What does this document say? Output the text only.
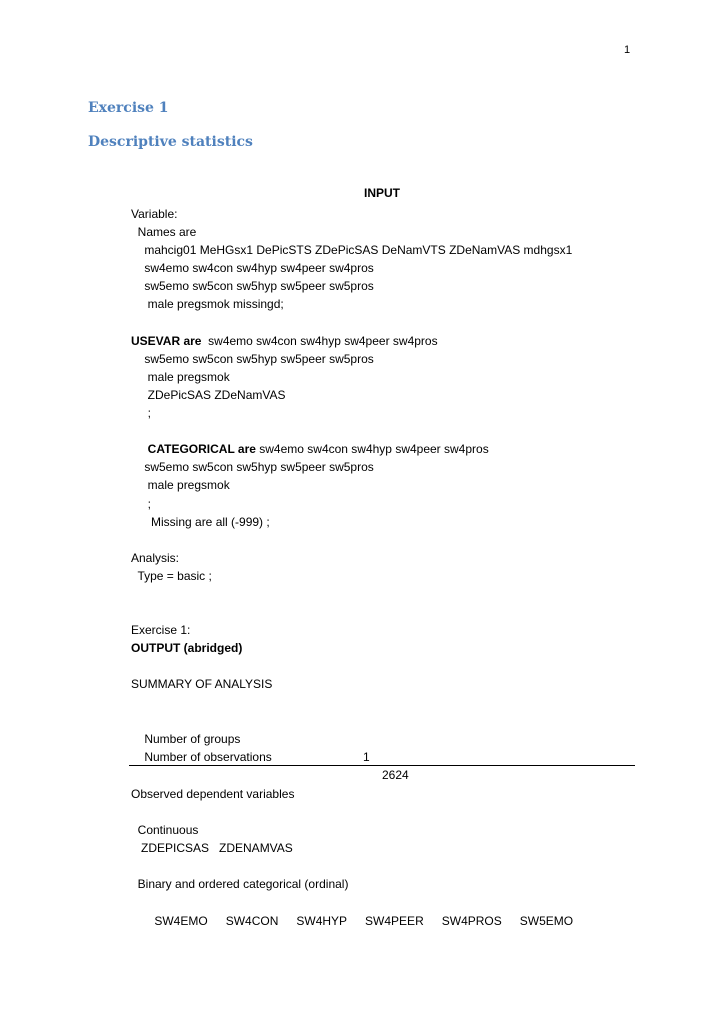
1
Exercise 1
Descriptive statistics
INPUT
Variable:
Names are
mahcig01 MeHGsx1 DePicSTS ZDePicSAS DeNamVTS ZDeNamVAS mdhgsx1
sw4emo sw4con sw4hyp sw4peer sw4pros
sw5emo sw5con sw5hyp sw5peer sw5pros
male pregsmok missingd;
USEVAR are  sw4emo sw4con sw4hyp sw4peer sw4pros
sw5emo sw5con sw5hyp sw5peer sw5pros
male pregsmok
ZDePicSAS ZDeNamVAS
;
CATEGORICAL are sw4emo sw4con sw4hyp sw4peer sw4pros
sw5emo sw5con sw5hyp sw5peer sw5pros
male pregsmok
;
Missing are all (-999) ;
Analysis:
Type = basic ;
Exercise 1:
OUTPUT (abridged)
SUMMARY OF ANALYSIS

Number of groups

1

Number of observations

2624

Observed dependent variables
Continuous
ZDEPICSAS   ZDENAMVAS
Binary and ordered categorical (ordinal)

SW4EMO SW4CON SW4HYP SW4PEER SW4PROS SW5EMO
